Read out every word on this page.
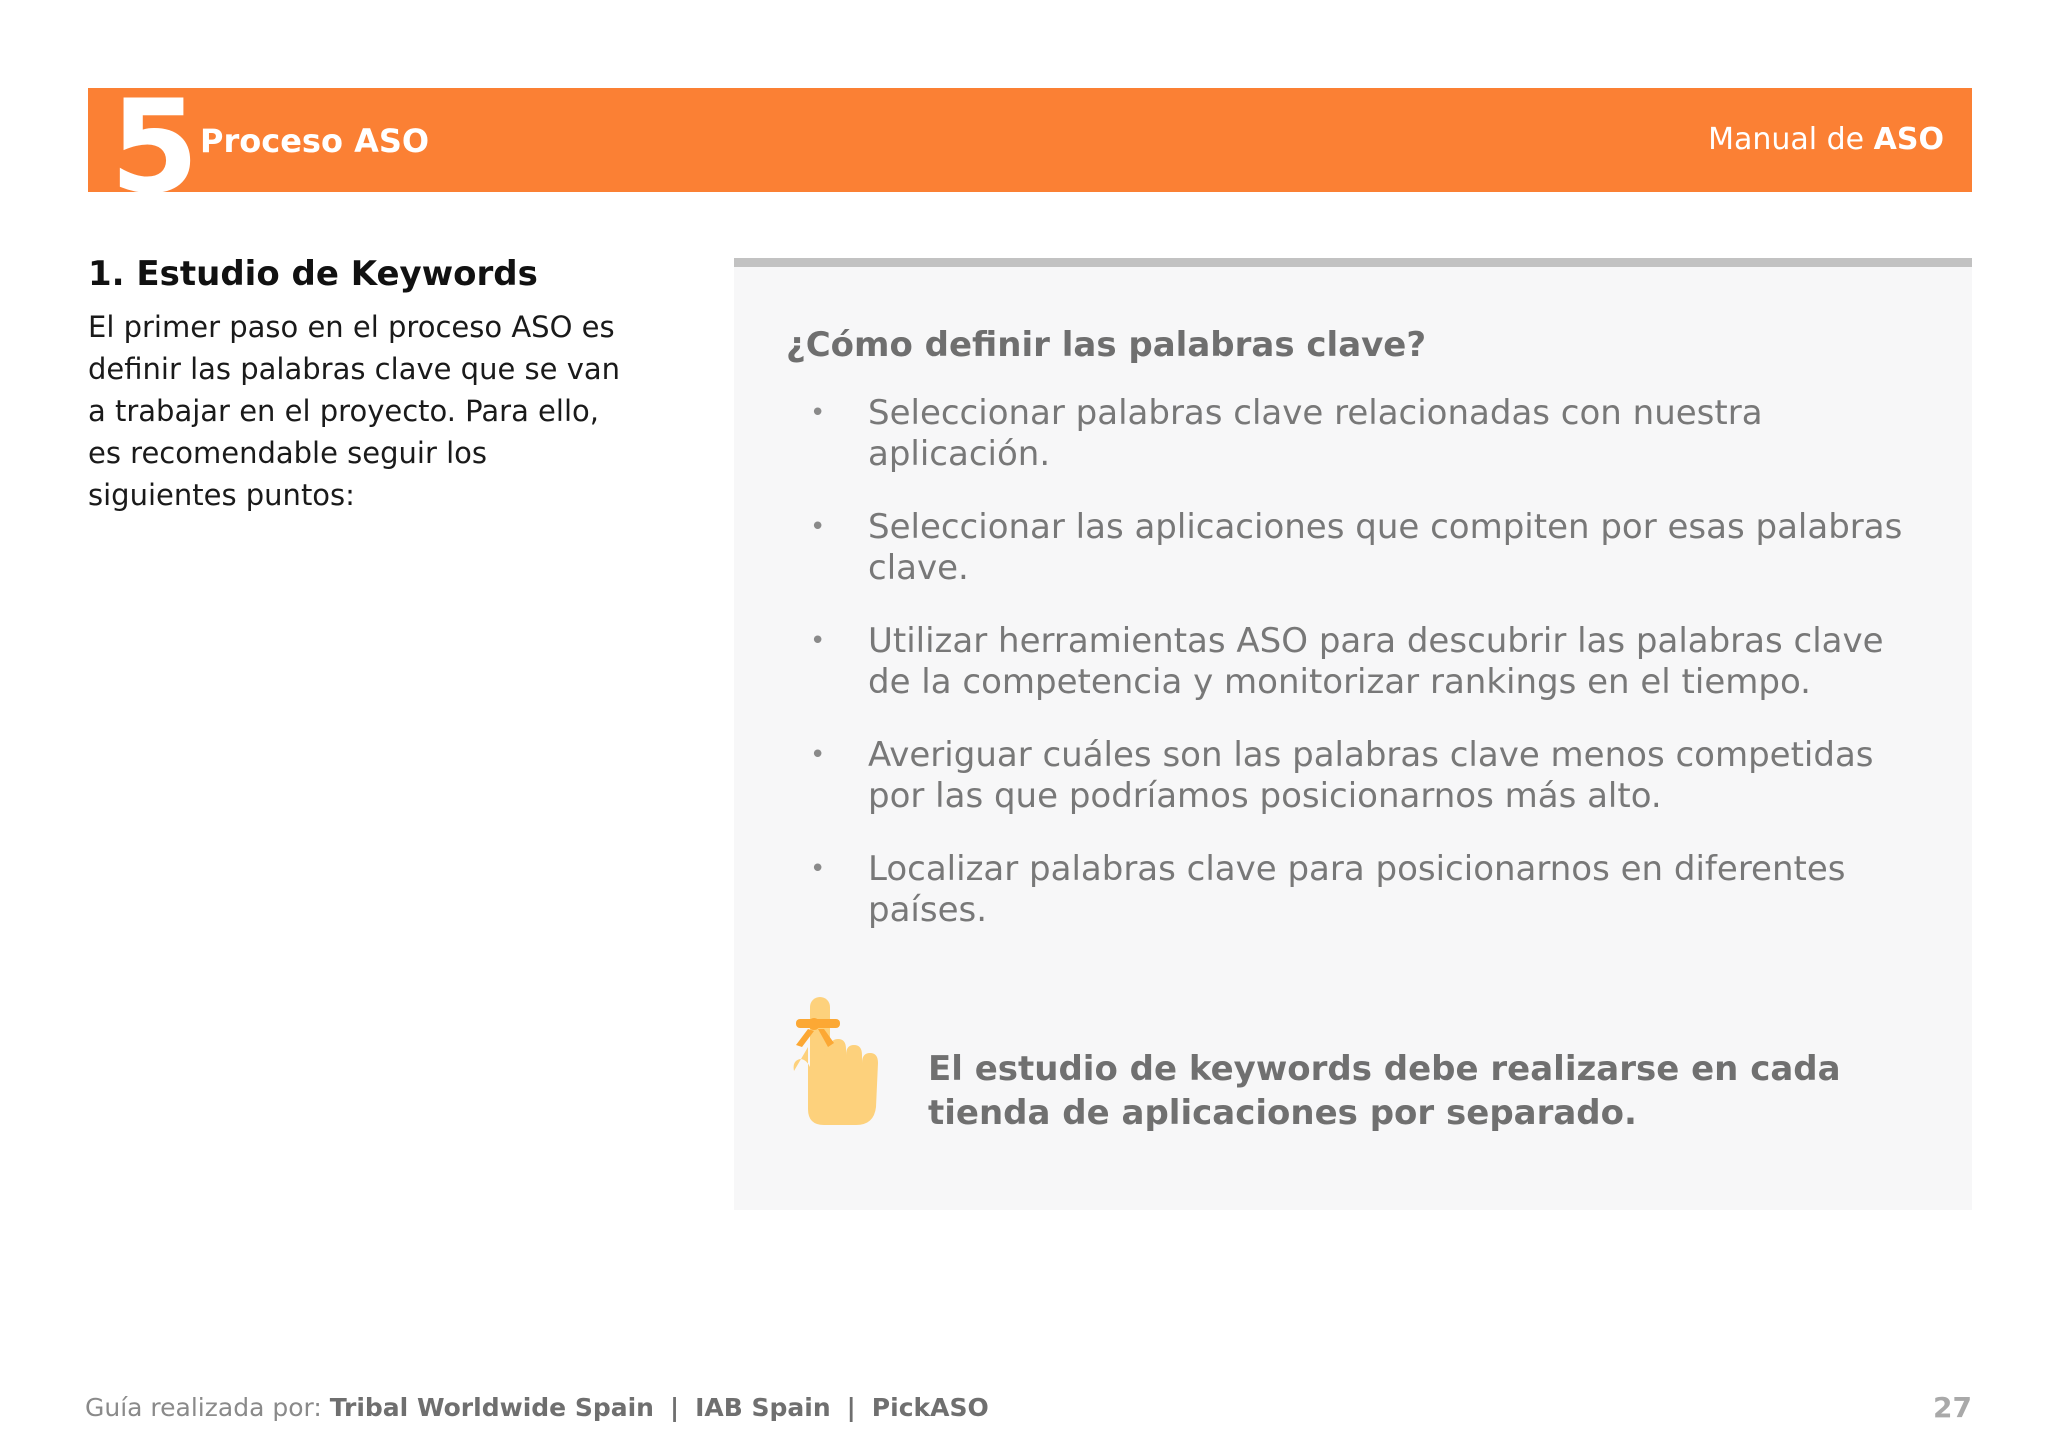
5 Proceso ASO	Manual de ASO
1. Estudio de Keywords
El primer paso en el proceso ASO es definir las palabras clave que se van a trabajar en el proyecto. Para ello, es recomendable seguir los siguientes puntos:
¿Cómo definir las palabras clave?
• Seleccionar palabras clave relacionadas con nuestra aplicación.
• Seleccionar las aplicaciones que compiten por esas palabras clave.
• Utilizar herramientas ASO para descubrir las palabras clave de la competencia y monitorizar rankings en el tiempo.
• Averiguar cuáles son las palabras clave menos competidas por las que podríamos posicionarnos más alto.
• Localizar palabras clave para posicionarnos en diferentes países.
El estudio de keywords debe realizarse en cada tienda de aplicaciones por separado.
Guía realizada por: Tribal Worldwide Spain | IAB Spain | PickASO	27
